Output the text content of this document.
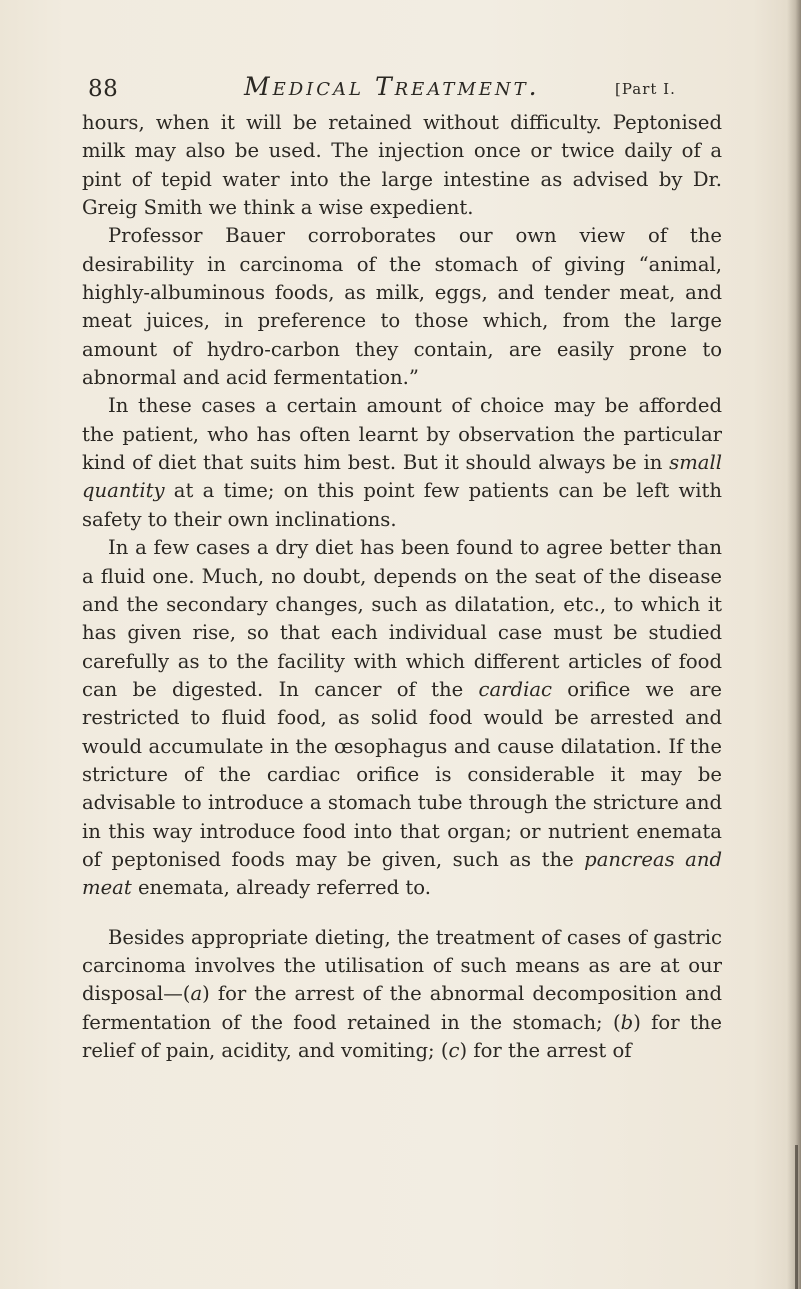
88	Medical Treatment.	[Part I.

hours, when it will be retained without difficulty. Peptonised milk may also be used. The injection once or twice daily of a pint of tepid water into the large intestine as advised by Dr. Greig Smith we think a wise expedient.

Professor Bauer corroborates our own view of the desirability in carcinoma of the stomach of giving “animal, highly-albuminous foods, as milk, eggs, and tender meat, and meat juices, in preference to those which, from the large amount of hydro-carbon they contain, are easily prone to abnormal and acid fermentation.”

In these cases a certain amount of choice may be afforded the patient, who has often learnt by observation the particular kind of diet that suits him best. But it should always be in small quantity at a time; on this point few patients can be left with safety to their own inclinations.

In a few cases a dry diet has been found to agree better than a fluid one. Much, no doubt, depends on the seat of the disease and the secondary changes, such as dilatation, etc., to which it has given rise, so that each individual case must be studied carefully as to the facility with which different articles of food can be digested. In cancer of the cardiac orifice we are restricted to fluid food, as solid food would be arrested and would accumulate in the œsophagus and cause dilatation. If the stricture of the cardiac orifice is considerable it may be advisable to introduce a stomach tube through the stricture and in this way introduce food into that organ; or nutrient enemata of peptonised foods may be given, such as the pancreas and meat enemata, already referred to.

Besides appropriate dieting, the treatment of cases of gastric carcinoma involves the utilisation of such means as are at our disposal—(a) for the arrest of the abnormal decomposition and fermentation of the food retained in the stomach; (b) for the relief of pain, acidity, and vomiting; (c) for the arrest of
